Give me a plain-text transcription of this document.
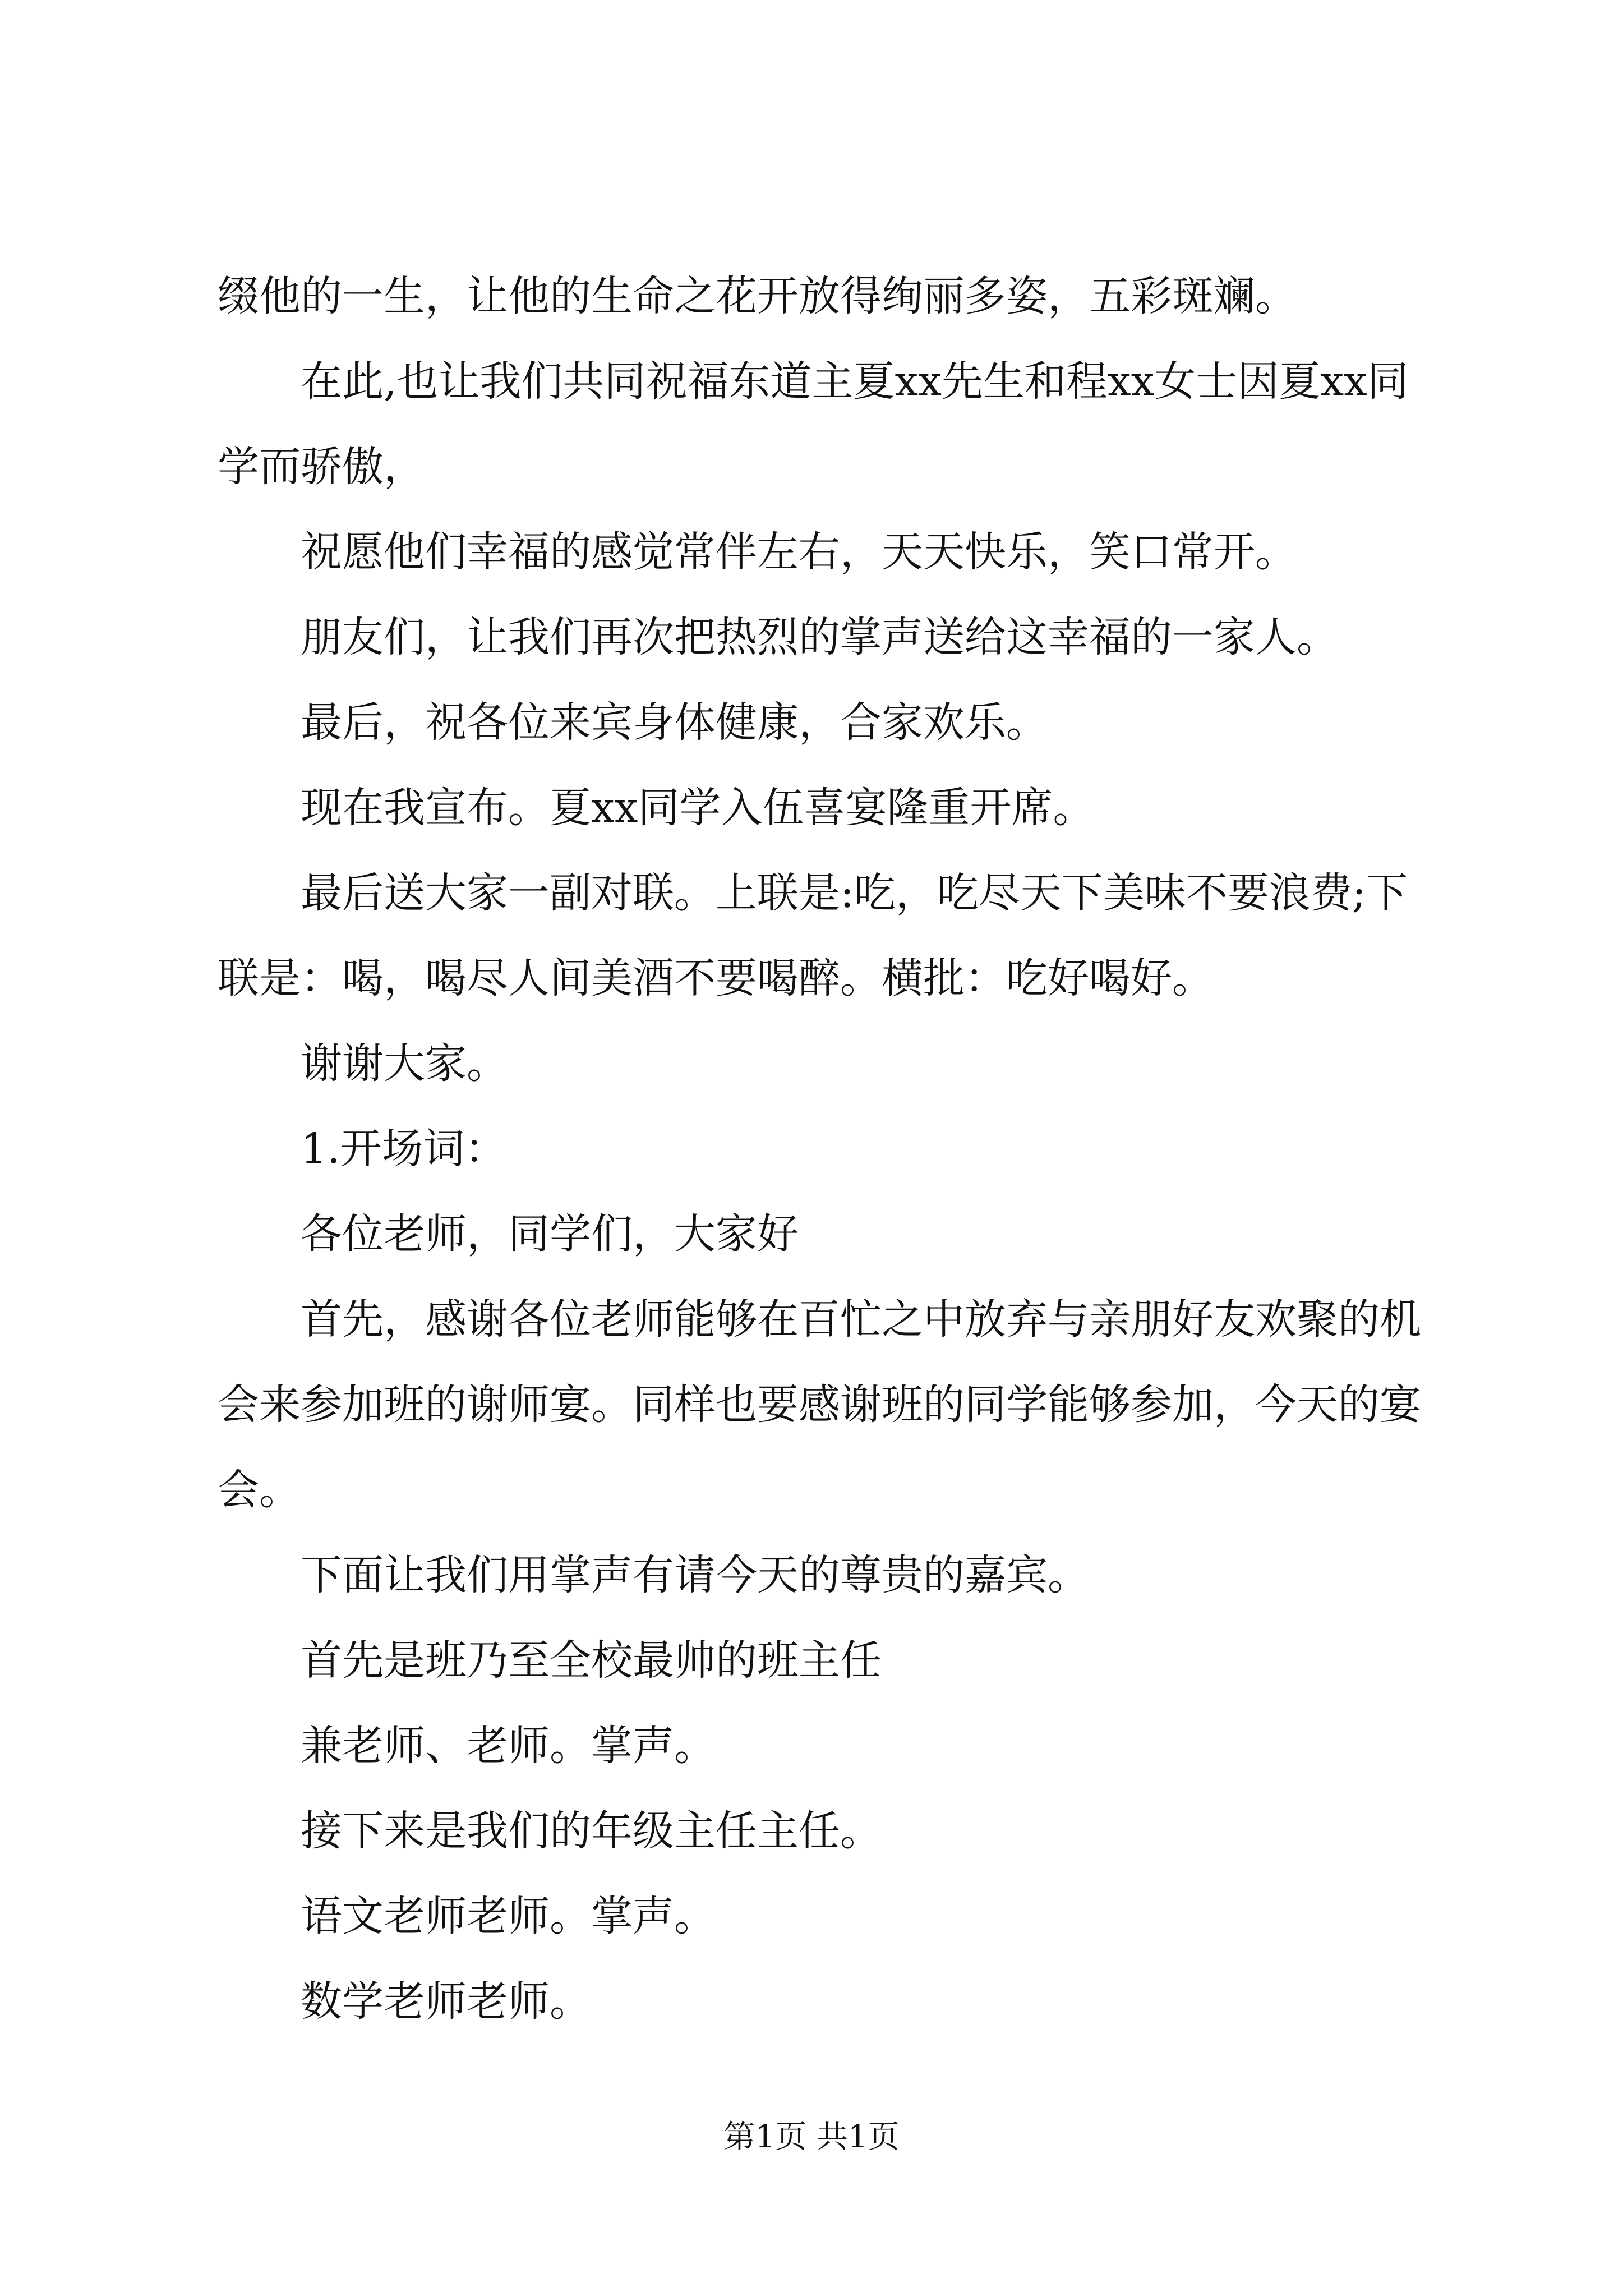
缀他的一生，让他的生命之花开放得绚丽多姿，五彩斑斓。

在此,也让我们共同祝福东道主夏xx先生和程xx女士因夏xx同学而骄傲，

祝愿他们幸福的感觉常伴左右，天天快乐，笑口常开。

朋友们，让我们再次把热烈的掌声送给这幸福的一家人。

最后，祝各位来宾身体健康，合家欢乐。

现在我宣布。夏xx同学入伍喜宴隆重开席。

最后送大家一副对联。上联是:吃，吃尽天下美味不要浪费;下联是：喝，喝尽人间美酒不要喝醉。横批：吃好喝好。

谢谢大家。

1.开场词：

各位老师，同学们，大家好

首先，感谢各位老师能够在百忙之中放弃与亲朋好友欢聚的机会来参加班的谢师宴。同样也要感谢班的同学能够参加，今天的宴会。

下面让我们用掌声有请今天的尊贵的嘉宾。

首先是班乃至全校最帅的班主任

兼老师、老师。掌声。

接下来是我们的年级主任主任。

语文老师老师。掌声。

数学老师老师。

第1页 共1页
